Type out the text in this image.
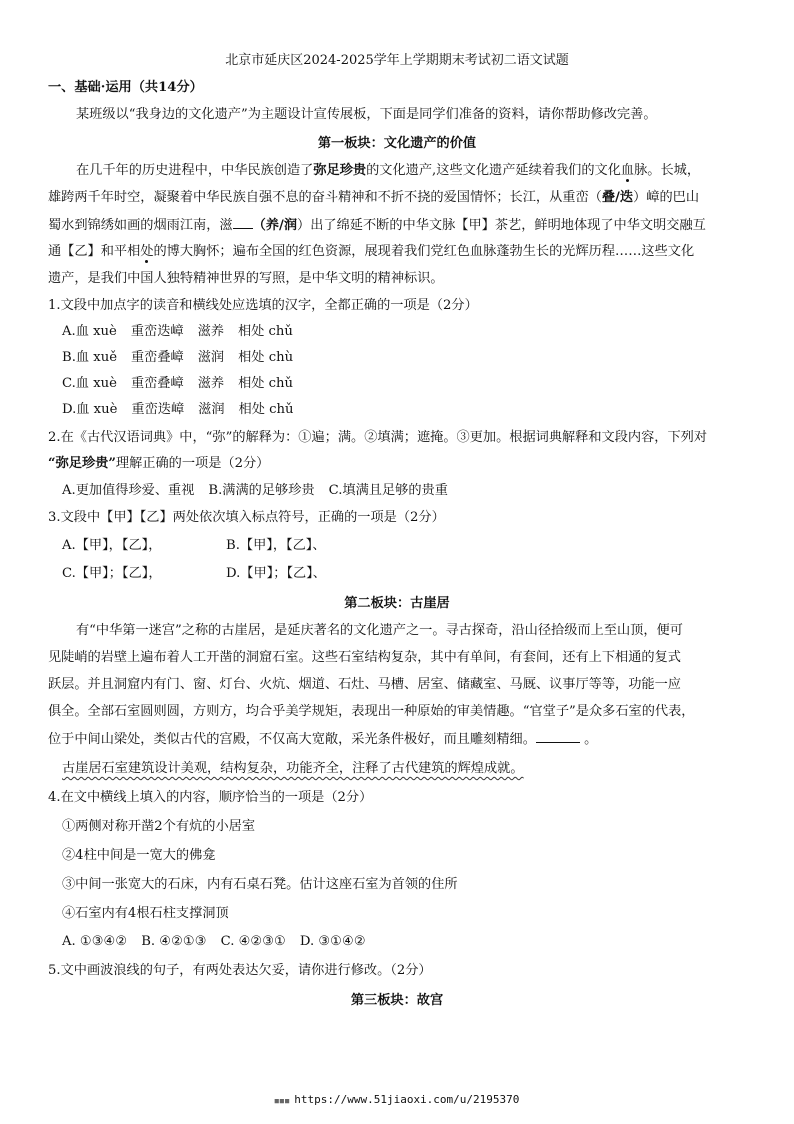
北京市延庆区2024-2025学年上学期期末考试初二语文试题
一、基础·运用（共14分）
某班级以“我身边的文化遗产”为主题设计宣传展板，下面是同学们准备的资料，请你帮助修改完善。
第一板块：文化遗产的价值
在几千年的历史进程中，中华民族创造了弥足珍贵的文化遗产,这些文化遗产延续着我们的文化血脉。长城，
雄跨两千年时空，凝聚着中华民族自强不息的奋斗精神和不折不挠的爱国情怀；长江，从重峦（叠/迭）嶂的巴山
蜀水到锦绣如画的烟雨江南，滋 （养/润）出了绵延不断的中华文脉【甲】茶艺，鲜明地体现了中华文明交融互
通【乙】和平相处的博大胸怀；遍布全国的红色资源，展现着我们党红色血脉蓬勃生长的光辉历程……这些文化
遗产，是我们中国人独特精神世界的写照，是中华文明的精神标识。
1.文段中加点字的读音和横线处应选填的汉字，全都正确的一项是（2分）
A.血 xuè 重峦迭嶂 滋养 相处 chǔ
B.血 xuě 重峦叠嶂 滋润 相处 chù
C.血 xuè 重峦叠嶂 滋养 相处 chǔ
D.血 xuè 重峦迭嶂 滋润 相处 chǔ
2.在《古代汉语词典》中，“弥”的解释为：①遍；满。②填满；遮掩。③更加。根据词典解释和文段内容，下列对
“弥足珍贵”理解正确的一项是（2分）
A.更加值得珍爱、重视 B.满满的足够珍贵 C.填满且足够的贵重
3.文段中【甲】【乙】两处依次填入标点符号，正确的一项是（2分）
A.【甲】，【乙】，	B.【甲】，【乙】、
C.【甲】；【乙】，	D.【甲】；【乙】、
第二板块：古崖居
有“中华第一迷宫”之称的古崖居，是延庆著名的文化遗产之一。寻古探奇，沿山径拾级而上至山顶，便可
见陡峭的岩壁上遍布着人工开凿的洞窟石室。这些石室结构复杂，其中有单间，有套间，还有上下相通的复式
跃层。并且洞窟内有门、窗、灯台、火炕、烟道、石灶、马槽、居室、储藏室、马厩、议事厅等等，功能一应
俱全。全部石室圆则圆，方则方，均合乎美学规矩，表现出一种原始的审美情趣。“官堂子”是众多石室的代表，
位于中间山梁处，类似古代的宫殿，不仅高大宽敞，采光条件极好，而且雕刻精细。	。
古崖居石室建筑设计美观，结构复杂，功能齐全，注释了古代建筑的辉煌成就。
4.在文中横线上填入的内容，顺序恰当的一项是（2分）
①两侧对称开凿2个有炕的小居室
②4柱中间是一宽大的佛龛
③中间一张宽大的石床，内有石桌石凳。估计这座石室为首领的住所
④石室内有4根石柱支撑洞顶
A. ①③④② B. ④②①③ C. ④②③① D. ③①④②
5.文中画波浪线的句子，有两处表达欠妥，请你进行修改。（2分）
第三板块：故宫
■■■ https://www.51jiaoxi.com/u/2195370
